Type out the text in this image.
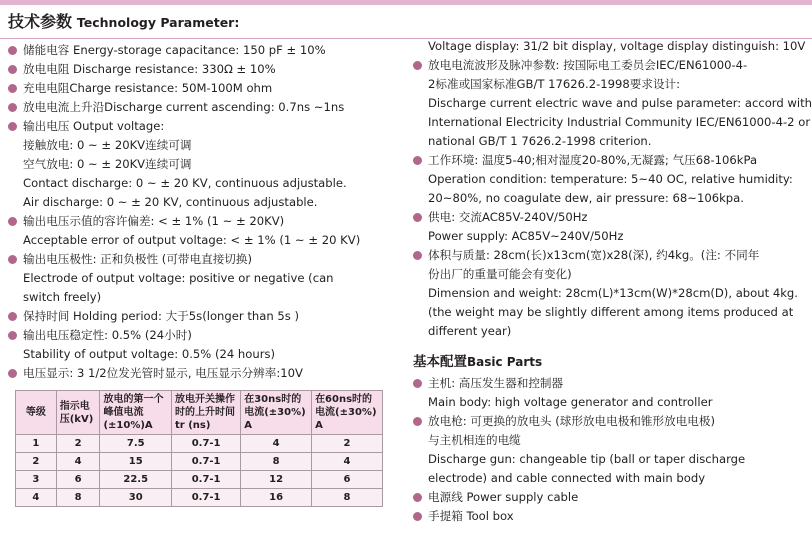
技术参数 Technology Parameter:
储能电容 Energy-storage capacitance: 150 pF ± 10%
放电电阻 Discharge resistance: 330Ω ± 10%
充电电阻Charge resistance: 50M-100M ohm
放电电流上升沿Discharge current ascending: 0.7ns ~1ns
输出电压 Output voltage:
接触放电: 0 ~ ± 20KV连续可调
空气放电: 0 ~ ± 20KV连续可调
Contact discharge: 0 ~ ± 20 KV, continuous adjustable.
Air discharge: 0 ~ ± 20 KV, continuous adjustable.
输出电压示值的容许偏差: < ± 1% (1 ~ ± 20KV)
Acceptable error of output voltage: < ± 1% (1 ~ ± 20 KV)
输出电压极性: 正和负极性 (可带电直接切换)
Electrode of output voltage: positive or negative (can
switch freely)
保持时间 Holding period: 大于5s(longer than 5s )
输出电压稳定性: 0.5% (24小时)
Stability of output voltage: 0.5% (24 hours)
电压显示: 3 1/2位发光管时显示, 电压显示分辨率:10V
等级	指示电压(kV)	放电的第一个峰值电流(±10%)A	放电开关操作时的上升时间tr (ns)	在30ns时的电流(±30%) A	在60ns时的电流(±30%) A
1	2	7.5	0.7-1	4	2
2	4	15	0.7-1	8	4
3	6	22.5	0.7-1	12	6
4	8	30	0.7-1	16	8
Voltage display: 31/2 bit display, voltage display distinguish: 10V
放电电流波形及脉冲参数: 按国际电工委员会IEC/EN61000-4-
2标准或国家标准GB/T 17626.2-1998要求设计:
Discharge current electric wave and pulse parameter: accord with
International Electricity Industrial Community IEC/EN61000-4-2 or
national GB/T 1 7626.2-1998 criterion.
工作环境: 温度5-40;相对湿度20-80%,无凝露; 气压68-106kPa
Operation condition: temperature: 5~40 OC, relative humidity:
20~80%, no coagulate dew, air pressure: 68~106kpa.
供电: 交流AC85V-240V/50Hz
Power supply: AC85V~240V/50Hz
体积与质量: 28cm(长)x13cm(宽)x28(深), 约4kg。(注: 不同年
份出厂的重量可能会有变化)
Dimension and weight: 28cm(L)*13cm(W)*28cm(D), about 4kg.
(the weight may be slightly different among items produced at
different year)
基本配置Basic Parts
主机: 高压发生器和控制器
Main body: high voltage generator and controller
放电枪: 可更换的放电头 (球形放电电极和锥形放电电极)
与主机相连的电缆
Discharge gun: changeable tip (ball or taper discharge
electrode) and cable connected with main body
电源线 Power supply cable
手提箱 Tool box
